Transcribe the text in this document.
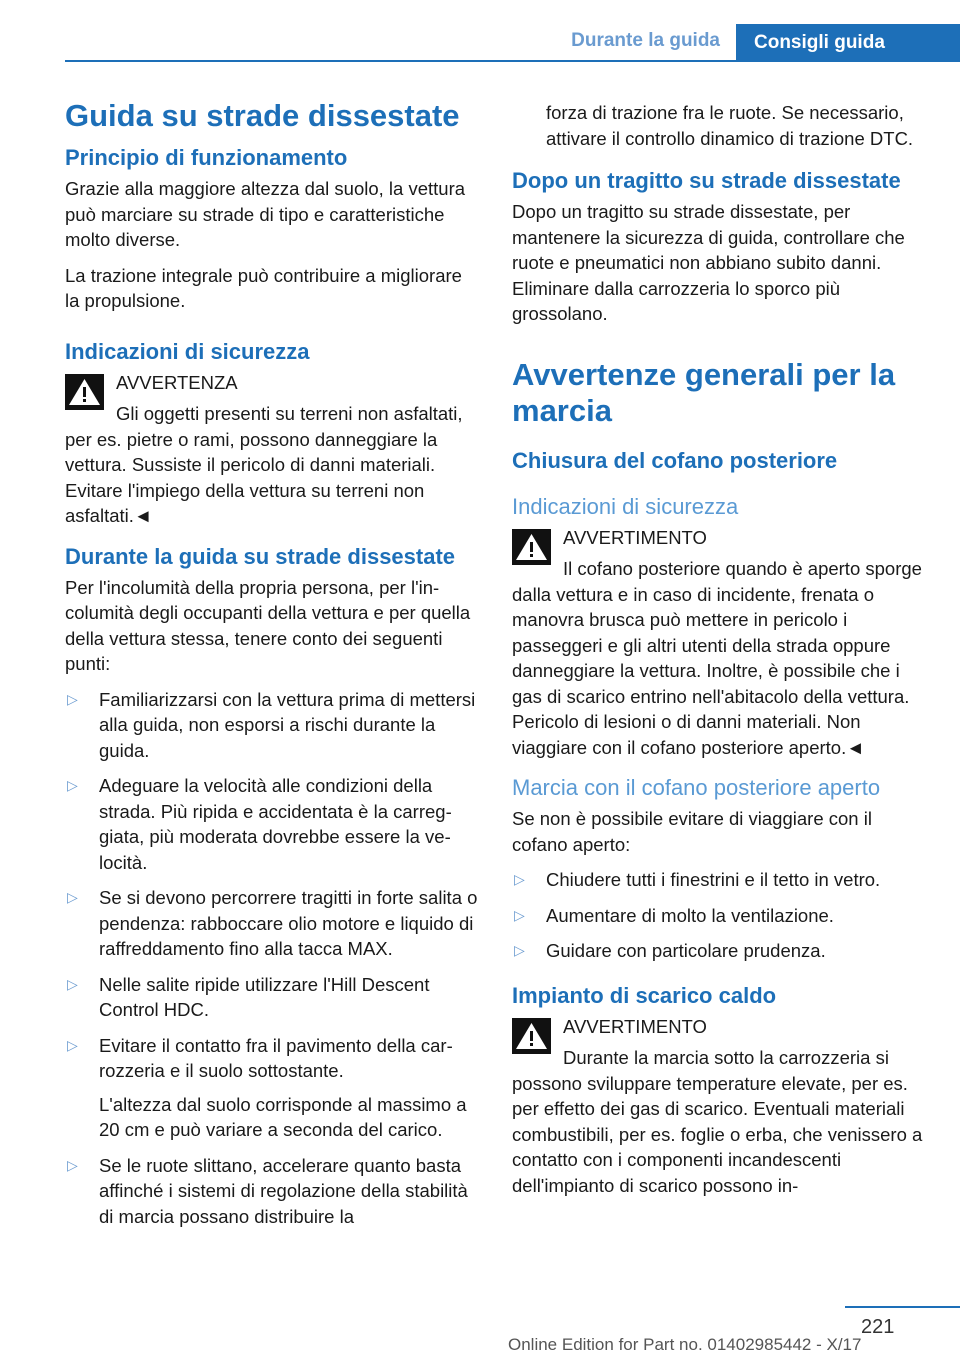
Durante la guida	Consigli guida
Guida su strade dissestate
Principio di funzionamento

Grazie alla maggiore altezza dal suolo, la vettura può marciare su strade di tipo e caratteristiche molto diverse.

La trazione integrale può contribuire a migliorare la propulsione.

Indicazioni di sicurezza
AVVERTENZA
Gli oggetti presenti su terreni non asfaltati, per es. pietre o rami, possono danneggiare la vettura. Sussiste il pericolo di danni materiali. Evitare l'impiego della vettura su terreni non asfaltati.◄
Durante la guida su strade dissestate

Per l'incolumità della propria persona, per l'incolumità degli occupanti della vettura e per quella della vettura stessa, tenere conto dei seguenti punti:

▷ Familiarizzarsi con la vettura prima di mettersi alla guida, non esporsi a rischi durante la guida.
▷ Adeguare la velocità alle condizioni della strada. Più ripida e accidentata è la carreggiata, più moderata dovrebbe essere la velocità.
▷ Se si devono percorrere tragitti in forte salita o pendenza: rabboccare olio motore e liquido di raffreddamento fino alla tacca MAX.
▷ Nelle salite ripide utilizzare l'Hill Descent Control HDC.
▷ Evitare il contatto fra il pavimento della carrozzeria e il suolo sottostante.
L'altezza dal suolo corrisponde al massimo a 20 cm e può variare a seconda del carico.
▷ Se le ruote slittano, accelerare quanto basta affinché i sistemi di regolazione della stabilità di marcia possano distribuire la

forza di trazione fra le ruote. Se necessario, attivare il controllo dinamico di trazione DTC.

Dopo un tragitto su strade dissestate

Dopo un tragitto su strade dissestate, per mantenere la sicurezza di guida, controllare che ruote e pneumatici non abbiano subito danni. Eliminare dalla carrozzeria lo sporco più grossolano.

Avvertenze generali per la marcia
Chiusura del cofano posteriore
Indicazioni di sicurezza
AVVERTIMENTO
Il cofano posteriore quando è aperto sporge dalla vettura e in caso di incidente, frenata o manovra brusca può mettere in pericolo i passeggeri e gli altri utenti della strada oppure danneggiare la vettura. Inoltre, è possibile che i gas di scarico entrino nell'abitacolo della vettura. Pericolo di lesioni o di danni materiali. Non viaggiare con il cofano posteriore aperto.◄
Marcia con il cofano posteriore aperto

Se non è possibile evitare di viaggiare con il cofano aperto:

▷ Chiudere tutti i finestrini e il tetto in vetro.
▷ Aumentare di molto la ventilazione.
▷ Guidare con particolare prudenza.
Impianto di scarico caldo
AVVERTIMENTO
Durante la marcia sotto la carrozzeria si possono sviluppare temperature elevate, per es. per effetto dei gas di scarico. Eventuali materiali combustibili, per es. foglie o erba, che venissero a contatto con i componenti incandescenti dell'impianto di scarico possono in-
221
Online Edition for Part no. 01402985442 - X/17
